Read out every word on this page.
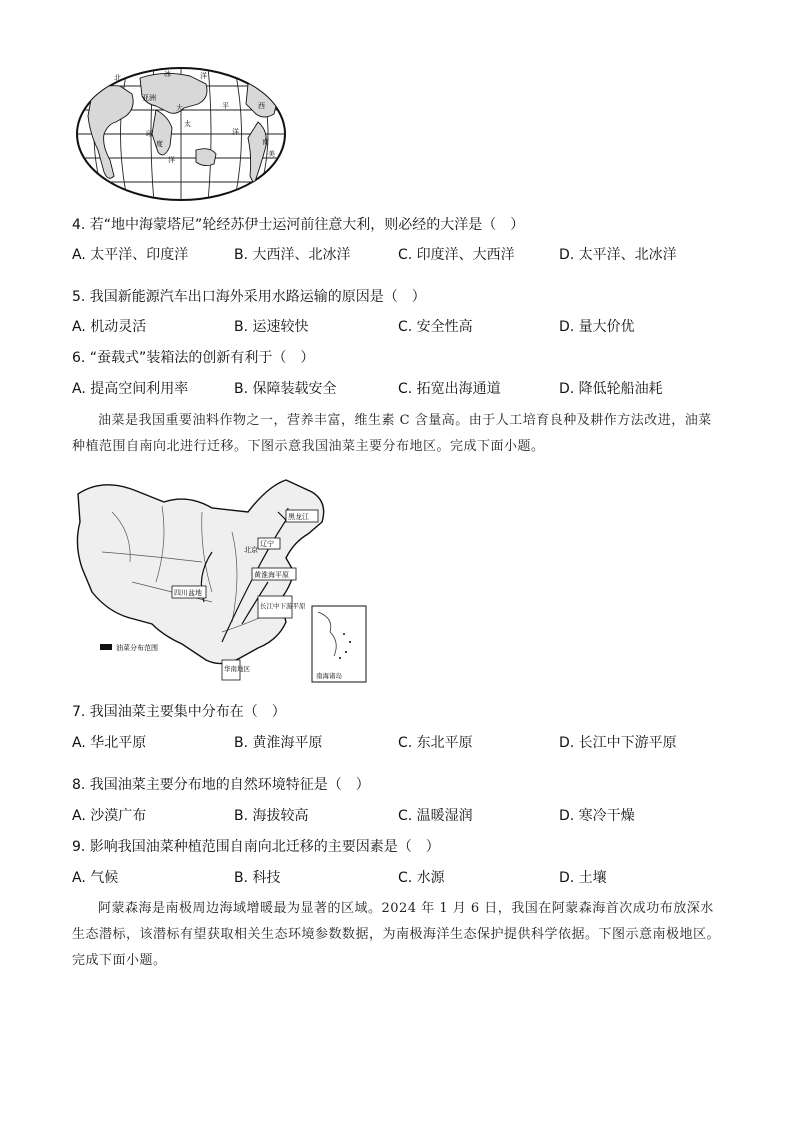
北	冰	洋
亚洲
大	平	西
印
度
洋
太
洋
南
美
4. 若“地中海蒙塔尼”轮经苏伊士运河前往意大利，则必经的大洋是（　）
A. 太平洋、印度洋	B. 大西洋、北冰洋	C. 印度洋、大西洋	D. 太平洋、北冰洋
5. 我国新能源汽车出口海外采用水路运输的原因是（　）
A. 机动灵活	B. 运速较快	C. 安全性高	D. 量大价优
6. “蚕载式”装箱法的创新有利于（　）
A. 提高空间利用率	B. 保障装载安全	C. 拓宽出海通道	D. 降低轮船油耗
油菜是我国重要油料作物之一，营养丰富，维生素 C 含量高。由于人工培育良种及耕作方法改进，油菜种植范围自南向北进行迁移。下图示意我国油菜主要分布地区。完成下面小题。
黑龙江
辽宁
北京
黄淮海平原
长江中下游平原
四川盆地
华南地区
油菜分布范围
南海诸岛
7. 我国油菜主要集中分布在（　）
A. 华北平原	B. 黄淮海平原	C. 东北平原	D. 长江中下游平原
8. 我国油菜主要分布地的自然环境特征是（　）
A. 沙漠广布	B. 海拔较高	C. 温暖湿润	D. 寒冷干燥
9. 影响我国油菜种植范围自南向北迁移的主要因素是（　）
A. 气候	B. 科技	C. 水源	D. 土壤
阿蒙森海是南极周边海域增暖最为显著的区域。2024 年 1 月 6 日，我国在阿蒙森海首次成功布放深水生态潜标，该潜标有望获取相关生态环境参数数据，为南极海洋生态保护提供科学依据。下图示意南极地区。完成下面小题。
